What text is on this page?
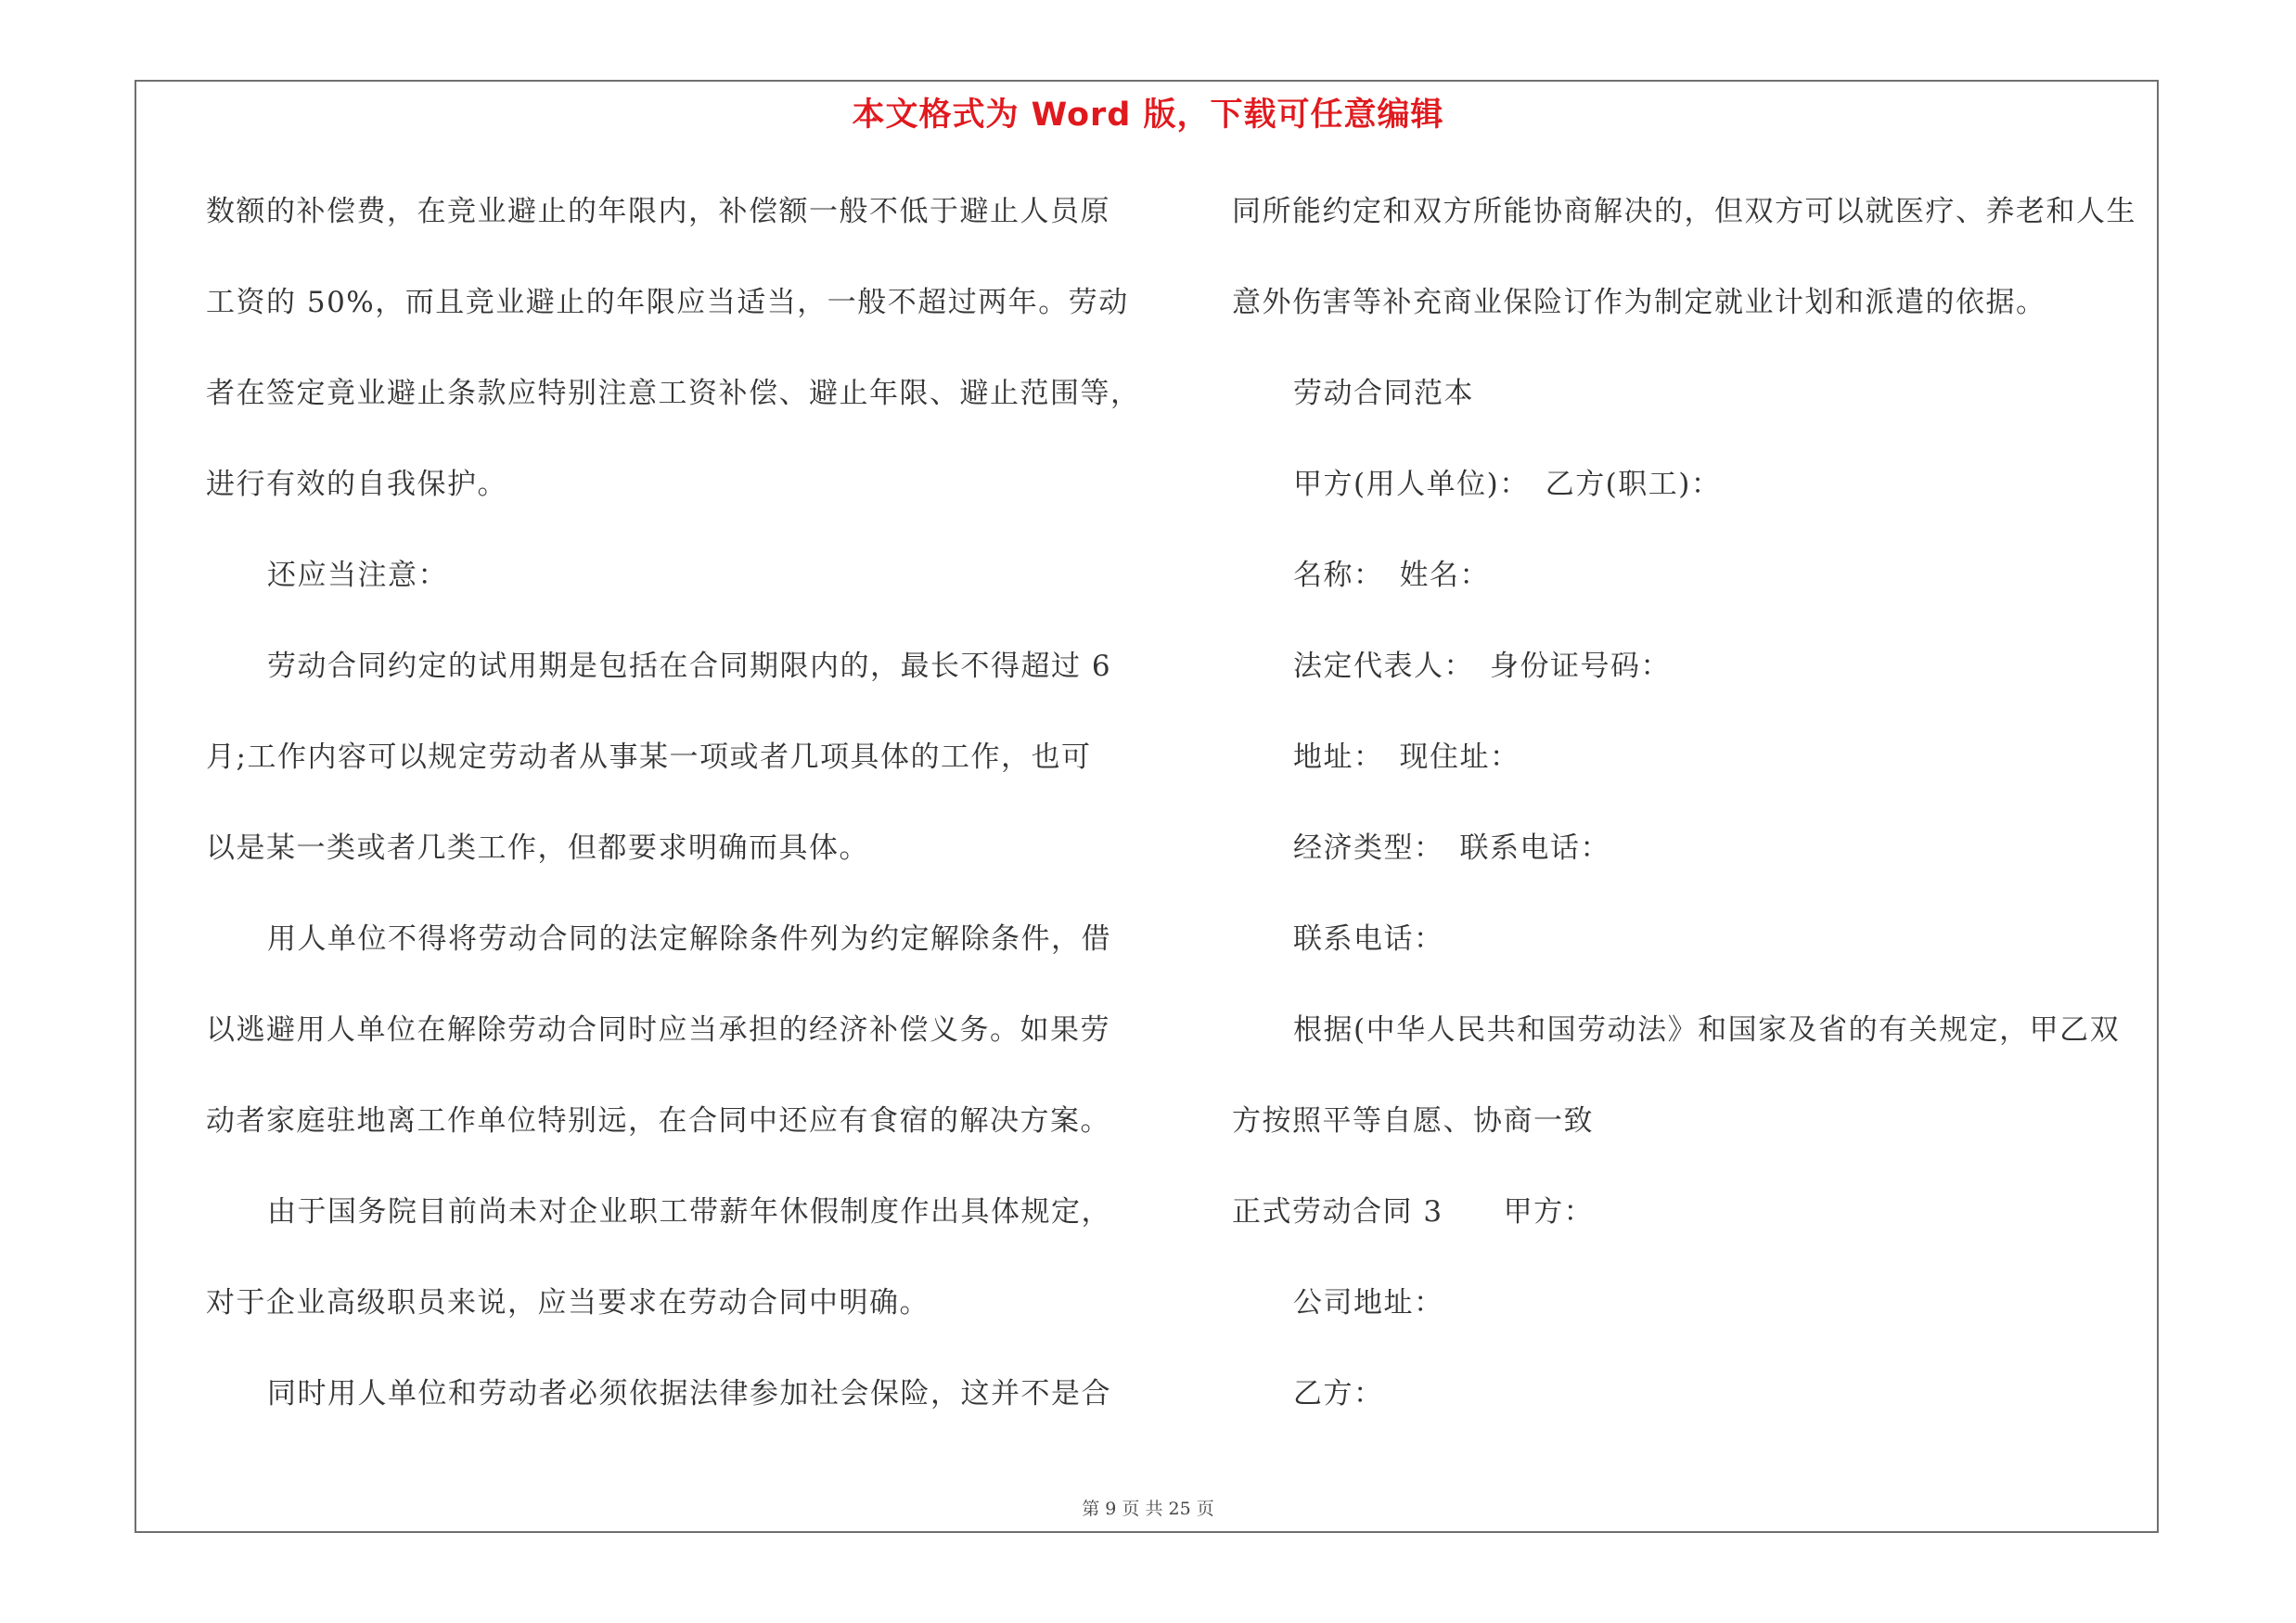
本文格式为 Word 版，下载可任意编辑
数额的补偿费，在竞业避止的年限内，补偿额一般不低于避止人员原
工资的 50%，而且竞业避止的年限应当适当，一般不超过两年。劳动
者在签定竟业避止条款应特别注意工资补偿、避止年限、避止范围等，
进行有效的自我保护。
还应当注意：
劳动合同约定的试用期是包括在合同期限内的，最长不得超过 6
月;工作内容可以规定劳动者从事某一项或者几项具体的工作，也可
以是某一类或者几类工作，但都要求明确而具体。
用人单位不得将劳动合同的法定解除条件列为约定解除条件，借
以逃避用人单位在解除劳动合同时应当承担的经济补偿义务。如果劳
动者家庭驻地离工作单位特别远，在合同中还应有食宿的解决方案。
由于国务院目前尚未对企业职工带薪年休假制度作出具体规定，
对于企业高级职员来说，应当要求在劳动合同中明确。
同时用人单位和劳动者必须依据法律参加社会保险，这并不是合
同所能约定和双方所能协商解决的，但双方可以就医疗、养老和人生
意外伤害等补充商业保险订作为制定就业计划和派遣的依据。
劳动合同范本
甲方(用人单位)：　乙方(职工)：
名称：　姓名：
法定代表人：　身份证号码：
地址：　现住址：
经济类型：　联系电话：
联系电话：
根据(中华人民共和国劳动法》和国家及省的有关规定，甲乙双
方按照平等自愿、协商一致
正式劳动合同 3　　甲方：
公司地址：
乙方：
第 9 页 共 25 页
